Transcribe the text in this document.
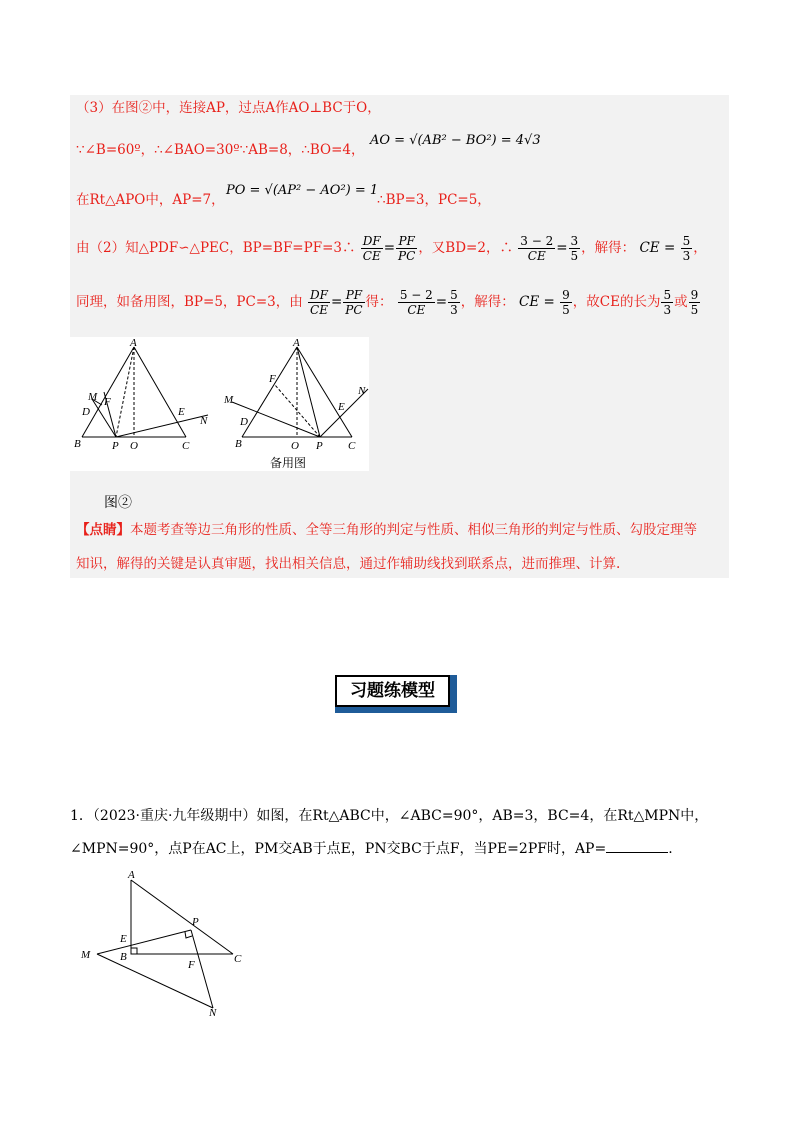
（3）在图②中，连接AP，过点A作AO⊥BC于O，
∵∠B=60º，∴∠BAO=30º∵AB=8，∴BO=4，
AO = √(AB² − BO²) = 4√3
在Rt△APO中，AP=7，
PO = √(AP² − AO²) = 1
∴BP=3，PC=5，
由（2）知△PDF∽△PEC，BP=BF=PF=3∴ $\frac{DF}{CE} = \frac{PF}{PC}$ ，又BD=2，∴ $\frac{3 - 2}{CE} = \frac{3}{5}$ ，解得： CE = $\frac{5}{3}$ ，
同理，如备用图，BP=5，PC=3，由 $\frac{DF}{CE} = \frac{PF}{PC}$ 得： $\frac{5 - 2}{CE} = \frac{5}{3}$ ，解得： CE = $\frac{9}{5}$ ，故CE的长为 $\frac{5}{3}$ 或 $\frac{9}{5}$
A
B	C
D	E
F
M
N
O
P
A
B	C
D
E
F
M
N
O P
备用图
图②
【点睛】本题考查等边三角形的性质、全等三角形的判定与性质、相似三角形的判定与性质、勾股定理等
知识，解得的关键是认真审题，找出相关信息，通过作辅助线找到联系点，进而推理、计算.
习题练模型
1．（2023·重庆·九年级期中）如图，在Rt△ABC中，∠ABC=90°，AB=3，BC=4，在Rt△MPN中，
∠MPN=90°，点P在AC上，PM交AB于点E，PN交BC于点F，当PE=2PF时，AP=	.
A
B	C
E
F
M
N
P
